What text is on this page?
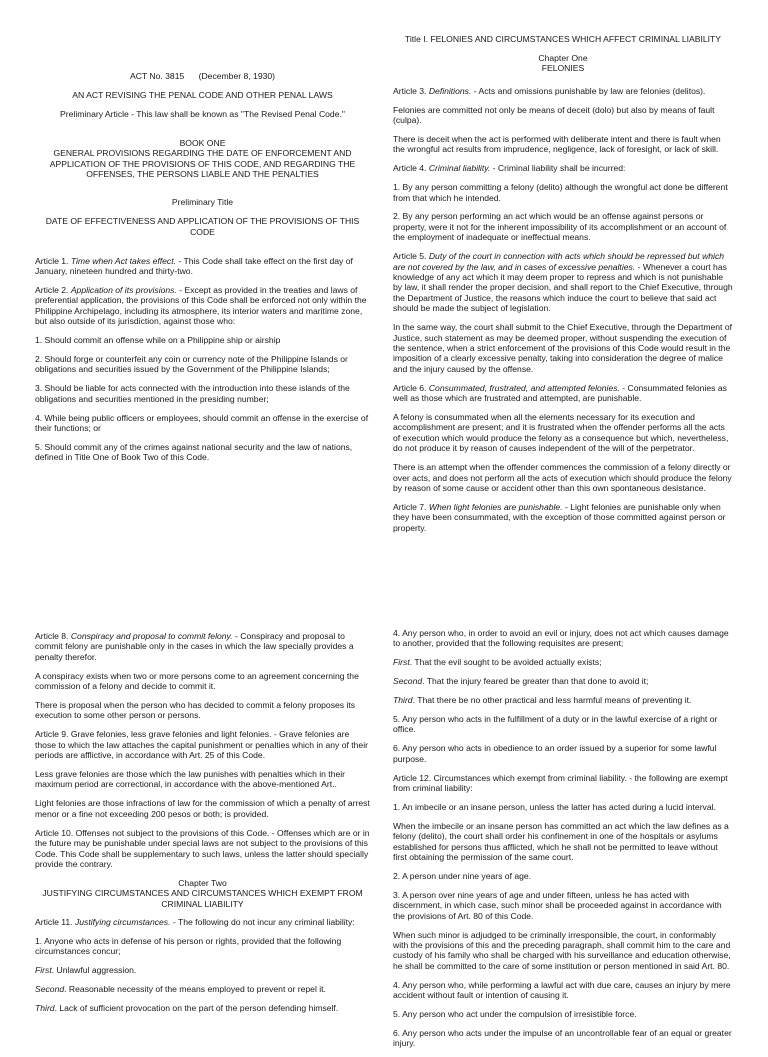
ACT No. 3815      (December 8, 1930)

AN ACT REVISING THE PENAL CODE AND OTHER PENAL LAWS

Preliminary Article - This law shall be known as "The Revised Penal Code."

BOOK ONE
GENERAL PROVISIONS REGARDING THE DATE OF ENFORCEMENT AND APPLICATION OF THE PROVISIONS OF THIS CODE, AND REGARDING THE OFFENSES, THE PERSONS LIABLE AND THE PENALTIES

Preliminary Title

DATE OF EFFECTIVENESS AND APPLICATION OF THE PROVISIONS OF THIS CODE

Article 1. Time when Act takes effect. - This Code shall take effect on the first day of January, nineteen hundred and thirty-two.

Article 2. Application of its provisions. - Except as provided in the treaties and laws of preferential application, the provisions of this Code shall be enforced not only within the Philippine Archipelago, including its atmosphere, its interior waters and maritime zone, but also outside of its jurisdiction, against those who:

1. Should commit an offense while on a Philippine ship or airship

2. Should forge or counterfeit any coin or currency note of the Philippine Islands or obligations and securities issued by the Government of the Philippine Islands;

3. Should be liable for acts connected with the introduction into these islands of the obligations and securities mentioned in the presiding number;

4. While being public officers or employees, should commit an offense in the exercise of their functions; or

5. Should commit any of the crimes against national security and the law of nations, defined in Title One of Book Two of this Code.

Title I. FELONIES AND CIRCUMSTANCES WHICH AFFECT CRIMINAL LIABILITY

Chapter One
FELONIES

Article 3. Definitions. - Acts and omissions punishable by law are felonies (delitos).

Felonies are committed not only be means of deceit (dolo) but also by means of fault (culpa).

There is deceit when the act is performed with deliberate intent and there is fault when the wrongful act results from imprudence, negligence, lack of foresight, or lack of skill.

Article 4. Criminal liability. - Criminal liability shall be incurred:

1. By any person committing a felony (delito) although the wrongful act done be different from that which he intended.

2. By any person performing an act which would be an offense against persons or property, were it not for the inherent impossibility of its accomplishment or an account of the employment of inadequate or ineffectual means.

Article 5. Duty of the court in connection with acts which should be repressed but which are not covered by the law, and in cases of excessive penalties. - Whenever a court has knowledge of any act which it may deem proper to repress and which is not punishable by law, it shall render the proper decision, and shall report to the Chief Executive, through the Department of Justice, the reasons which induce the court to believe that said act should be made the subject of legislation.

In the same way, the court shall submit to the Chief Executive, through the Department of Justice, such statement as may be deemed proper, without suspending the execution of the sentence, when a strict enforcement of the provisions of this Code would result in the imposition of a clearly excessive penalty, taking into consideration the degree of malice and the injury caused by the offense.

Article 6. Consummated, frustrated, and attempted felonies. - Consummated felonies as well as those which are frustrated and attempted, are punishable.

A felony is consummated when all the elements necessary for its execution and accomplishment are present; and it is frustrated when the offender performs all the acts of execution which would produce the felony as a consequence but which, nevertheless, do not produce it by reason of causes independent of the will of the perpetrator.

There is an attempt when the offender commences the commission of a felony directly or over acts, and does not perform all the acts of execution which should produce the felony by reason of some cause or accident other than this own spontaneous desistance.

Article 7. When light felonies are punishable. - Light felonies are punishable only when they have been consummated, with the exception of those committed against person or property.

Article 8. Conspiracy and proposal to commit felony. - Conspiracy and proposal to commit felony are punishable only in the cases in which the law specially provides a penalty therefor.

A conspiracy exists when two or more persons come to an agreement concerning the commission of a felony and decide to commit it.

There is proposal when the person who has decided to commit a felony proposes its execution to some other person or persons.

Article 9. Grave felonies, less grave felonies and light felonies. - Grave felonies are those to which the law attaches the capital punishment or penalties which in any of their periods are afflictive, in accordance with Art. 25 of this Code.

Less grave felonies are those which the law punishes with penalties which in their maximum period are correctional, in accordance with the above-mentioned Art..

Light felonies are those infractions of law for the commission of which a penalty of arrest menor or a fine not exceeding 200 pesos or both; is provided.

Article 10. Offenses not subject to the provisions of this Code. - Offenses which are or in the future may be punishable under special laws are not subject to the provisions of this Code. This Code shall be supplementary to such laws, unless the latter should specially provide the contrary.

Chapter Two
JUSTIFYING CIRCUMSTANCES AND CIRCUMSTANCES WHICH EXEMPT FROM CRIMINAL LIABILITY

Article 11. Justifying circumstances. - The following do not incur any criminal liability:

1. Anyone who acts in defense of his person or rights, provided that the following circumstances concur;

First. Unlawful aggression.

Second. Reasonable necessity of the means employed to prevent or repel it.

Third. Lack of sufficient provocation on the part of the person defending himself.

4. Any person who, in order to avoid an evil or injury, does not act which causes damage to another, provided that the following requisites are present;

First. That the evil sought to be avoided actually exists;

Second. That the injury feared be greater than that done to avoid it;

Third. That there be no other practical and less harmful means of preventing it.

5. Any person who acts in the fulfillment of a duty or in the lawful exercise of a right or office.

6. Any person who acts in obedience to an order issued by a superior for some lawful purpose.

Article 12. Circumstances which exempt from criminal liability. - the following are exempt from criminal liability:

1. An imbecile or an insane person, unless the latter has acted during a lucid interval.

When the imbecile or an insane person has committed an act which the law defines as a felony (delito), the court shall order his confinement in one of the hospitals or asylums established for persons thus afflicted, which he shall not be permitted to leave without first obtaining the permission of the same court.

2. A person under nine years of age.

3. A person over nine years of age and under fifteen, unless he has acted with discernment, in which case, such minor shall be proceeded against in accordance with the provisions of Art. 80 of this Code.

When such minor is adjudged to be criminally irresponsible, the court, in conformably with the provisions of this and the preceding paragraph, shall commit him to the care and custody of his family who shall be charged with his surveillance and education otherwise, he shall be committed to the care of some institution or person mentioned in said Art. 80.

4. Any person who, while performing a lawful act with due care, causes an injury by mere accident without fault or intention of causing it.

5. Any person who act under the compulsion of irresistible force.

6. Any person who acts under the impulse of an uncontrollable fear of an equal or greater injury.
